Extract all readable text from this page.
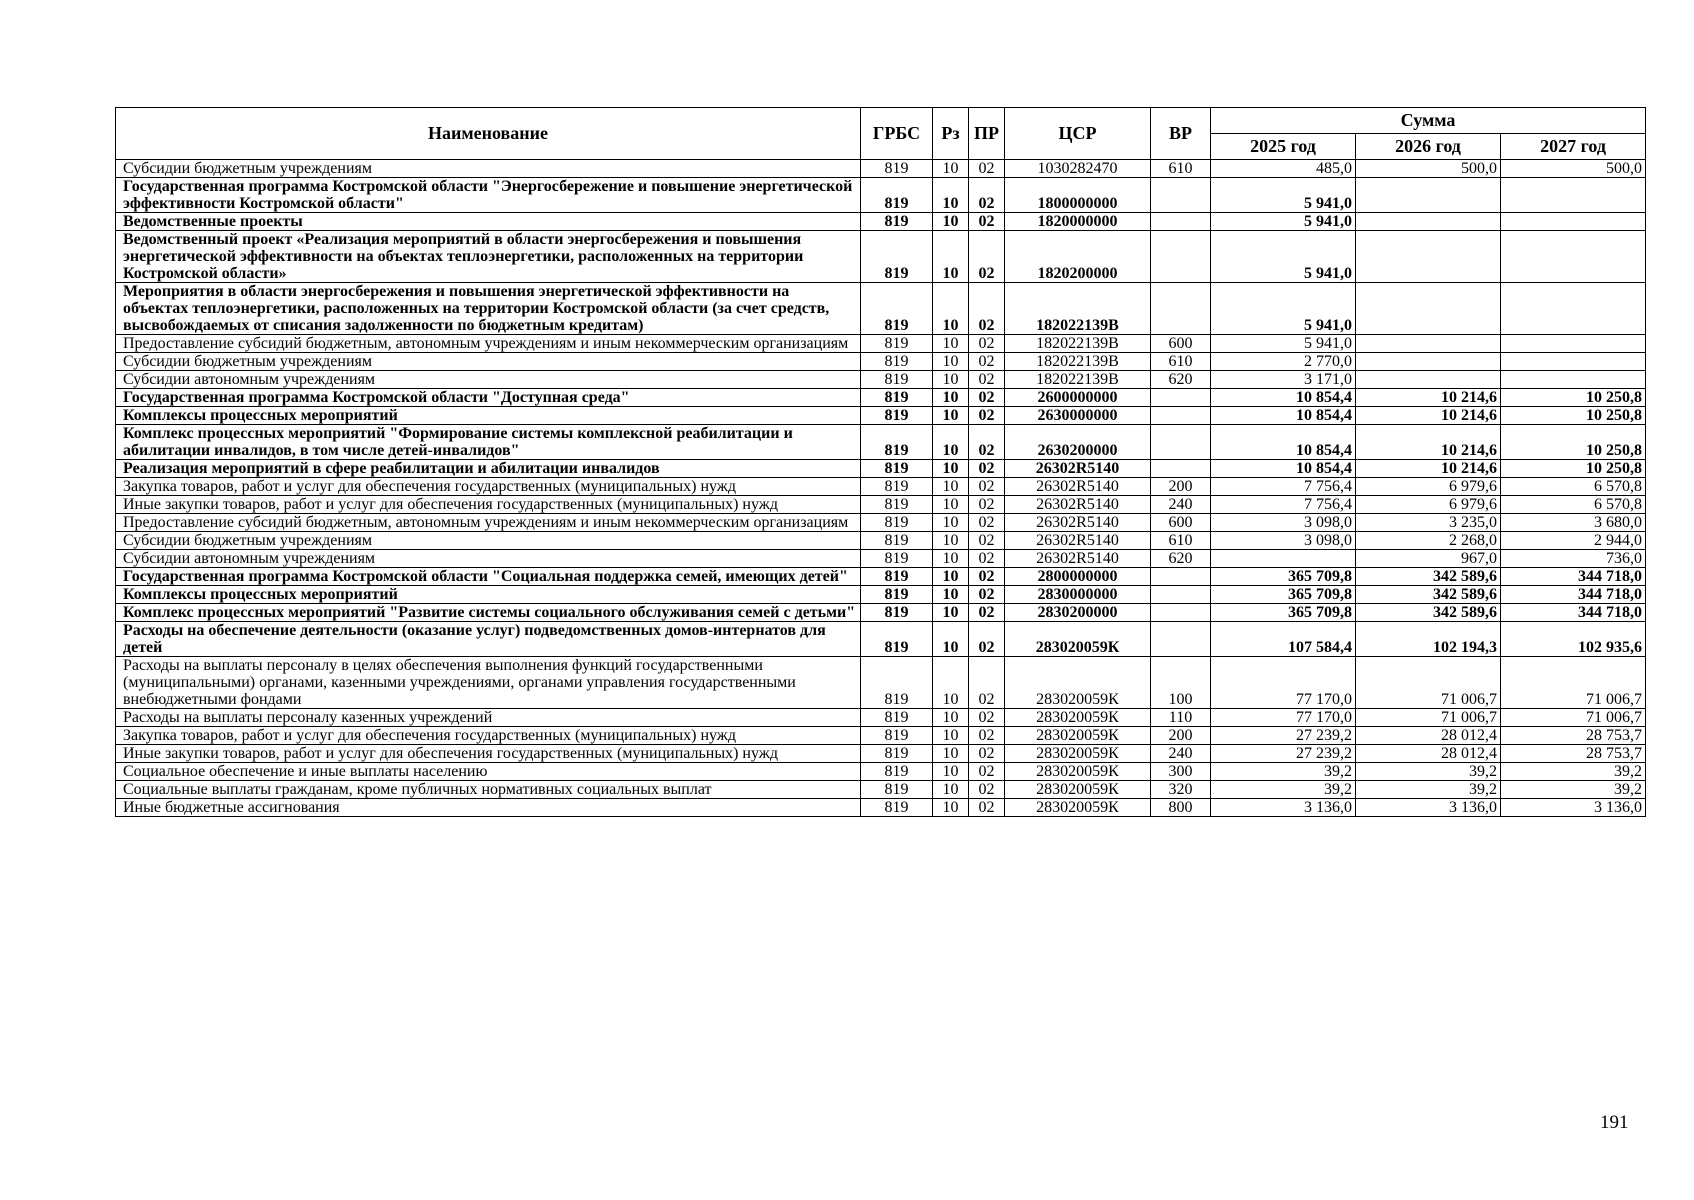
Наименование	ГРБС	Рз	ПР	ЦСР	ВР	Сумма		
						2025 год	2026 год	2027 год
Субсидии бюджетным учреждениям	819	10	02	1030282470	610	485,0	500,0	500,0
Государственная программа Костромской области "Энергосбережение и повышение энергетической эффективности Костромской области"	819	10	02	1800000000		5 941,0		
Ведомственные проекты	819	10	02	1820000000		5 941,0		
Ведомственный проект «Реализация мероприятий в области энергосбережения и повышения энергетической эффективности на объектах теплоэнергетики, расположенных на территории Костромской области»	819	10	02	1820200000		5 941,0		
Мероприятия в области энергосбережения и повышения энергетической эффективности на объектах теплоэнергетики, расположенных на территории Костромской области (за счет средств, высвобождаемых от списания задолженности по бюджетным кредитам)	819	10	02	182022139В		5 941,0		
Предоставление субсидий бюджетным, автономным учреждениям и иным некоммерческим организациям	819	10	02	182022139В	600	5 941,0		
Субсидии бюджетным учреждениям	819	10	02	182022139В	610	2 770,0		
Субсидии автономным учреждениям	819	10	02	182022139В	620	3 171,0		
Государственная программа Костромской области "Доступная среда"	819	10	02	2600000000		10 854,4	10 214,6	10 250,8
Комплексы процессных мероприятий	819	10	02	2630000000		10 854,4	10 214,6	10 250,8
Комплекс процессных мероприятий "Формирование системы комплексной реабилитации и абилитации инвалидов, в том числе детей-инвалидов"	819	10	02	2630200000		10 854,4	10 214,6	10 250,8
Реализация мероприятий в сфере реабилитации и абилитации инвалидов	819	10	02	26302R5140		10 854,4	10 214,6	10 250,8
Закупка товаров, работ и услуг для обеспечения государственных (муниципальных) нужд	819	10	02	26302R5140	200	7 756,4	6 979,6	6 570,8
Иные закупки товаров, работ и услуг для обеспечения государственных (муниципальных) нужд	819	10	02	26302R5140	240	7 756,4	6 979,6	6 570,8
Предоставление субсидий бюджетным, автономным учреждениям и иным некоммерческим организациям	819	10	02	26302R5140	600	3 098,0	3 235,0	3 680,0
Субсидии бюджетным учреждениям	819	10	02	26302R5140	610	3 098,0	2 268,0	2 944,0
Субсидии автономным учреждениям	819	10	02	26302R5140	620		967,0	736,0
Государственная программа Костромской области "Социальная поддержка семей, имеющих детей"	819	10	02	2800000000		365 709,8	342 589,6	344 718,0
Комплексы процессных мероприятий	819	10	02	2830000000		365 709,8	342 589,6	344 718,0
Комплекс процессных мероприятий "Развитие системы социального обслуживания семей с детьми"	819	10	02	2830200000		365 709,8	342 589,6	344 718,0
Расходы на обеспечение деятельности (оказание услуг) подведомственных домов-интернатов для детей	819	10	02	283020059К		107 584,4	102 194,3	102 935,6
Расходы на выплаты персоналу в целях обеспечения выполнения функций государственными (муниципальными) органами, казенными учреждениями, органами управления государственными внебюджетными фондами	819	10	02	283020059К	100	77 170,0	71 006,7	71 006,7
Расходы на выплаты персоналу казенных учреждений	819	10	02	283020059К	110	77 170,0	71 006,7	71 006,7
Закупка товаров, работ и услуг для обеспечения государственных (муниципальных) нужд	819	10	02	283020059К	200	27 239,2	28 012,4	28 753,7
Иные закупки товаров, работ и услуг для обеспечения государственных (муниципальных) нужд	819	10	02	283020059К	240	27 239,2	28 012,4	28 753,7
Социальное обеспечение и иные выплаты населению	819	10	02	283020059К	300	39,2	39,2	39,2
Социальные выплаты гражданам, кроме публичных нормативных социальных выплат	819	10	02	283020059К	320	39,2	39,2	39,2
Иные бюджетные ассигнования	819	10	02	283020059К	800	3 136,0	3 136,0	3 136,0
191
